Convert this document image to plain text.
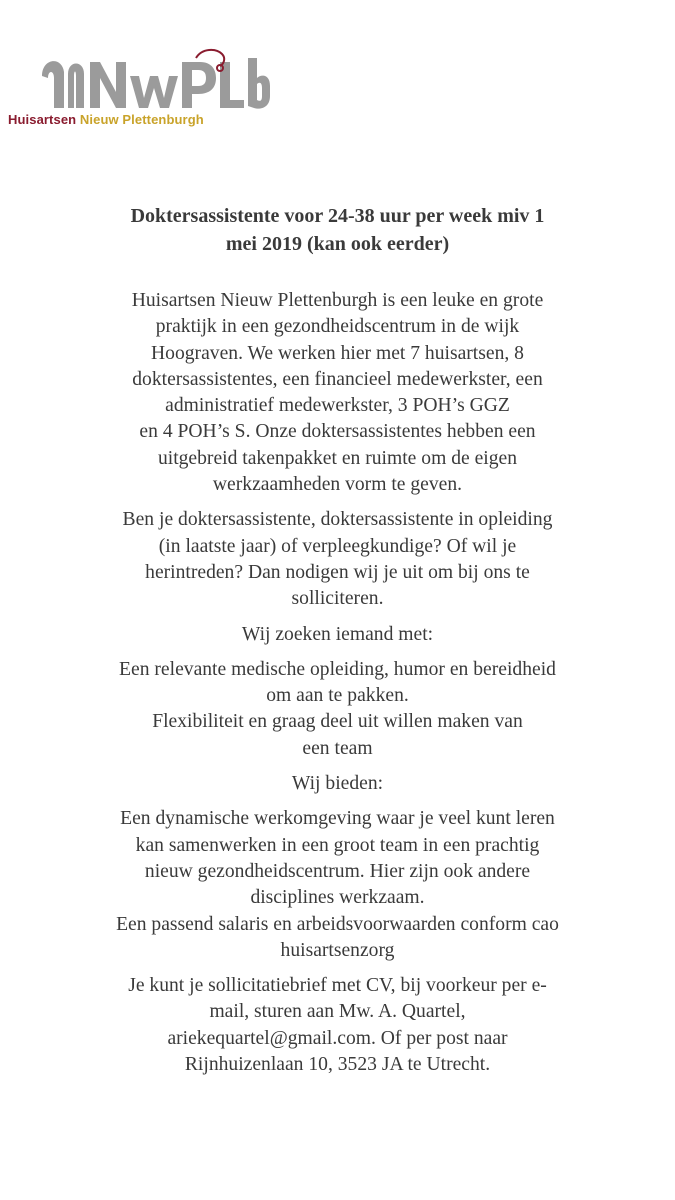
Huisartsen Nieuw Plettenburgh
Doktersassistente voor 24-38 uur per week miv 1
mei 2019 (kan ook eerder)

Huisartsen Nieuw Plettenburgh is een leuke en grote
praktijk in een gezondheidscentrum in de wijk
Hoograven. We werken hier met 7 huisartsen, 8
doktersassistentes, een financieel medewerkster, een
administratief medewerkster, 3 POH’s GGZ
en 4 POH’s S. Onze doktersassistentes hebben een
uitgebreid takenpakket en ruimte om de eigen
werkzaamheden vorm te geven.

Ben je doktersassistente, doktersassistente in opleiding
(in laatste jaar) of verpleegkundige? Of wil je
herintreden? Dan nodigen wij je uit om bij ons te
solliciteren.

Wij zoeken iemand met:

Een relevante medische opleiding, humor en bereidheid
om aan te pakken.
Flexibiliteit en graag deel uit willen maken van
een team

Wij bieden:

Een dynamische werkomgeving waar je veel kunt leren
kan samenwerken in een groot team in een prachtig
nieuw gezondheidscentrum. Hier zijn ook andere
disciplines werkzaam.
Een passend salaris en arbeidsvoorwaarden conform cao
huisartsenzorg

Je kunt je sollicitatiebrief met CV, bij voorkeur per e-
mail, sturen aan Mw. A. Quartel,
ariekequartel@gmail.com. Of per post naar
Rijnhuizenlaan 10, 3523 JA te Utrecht.
